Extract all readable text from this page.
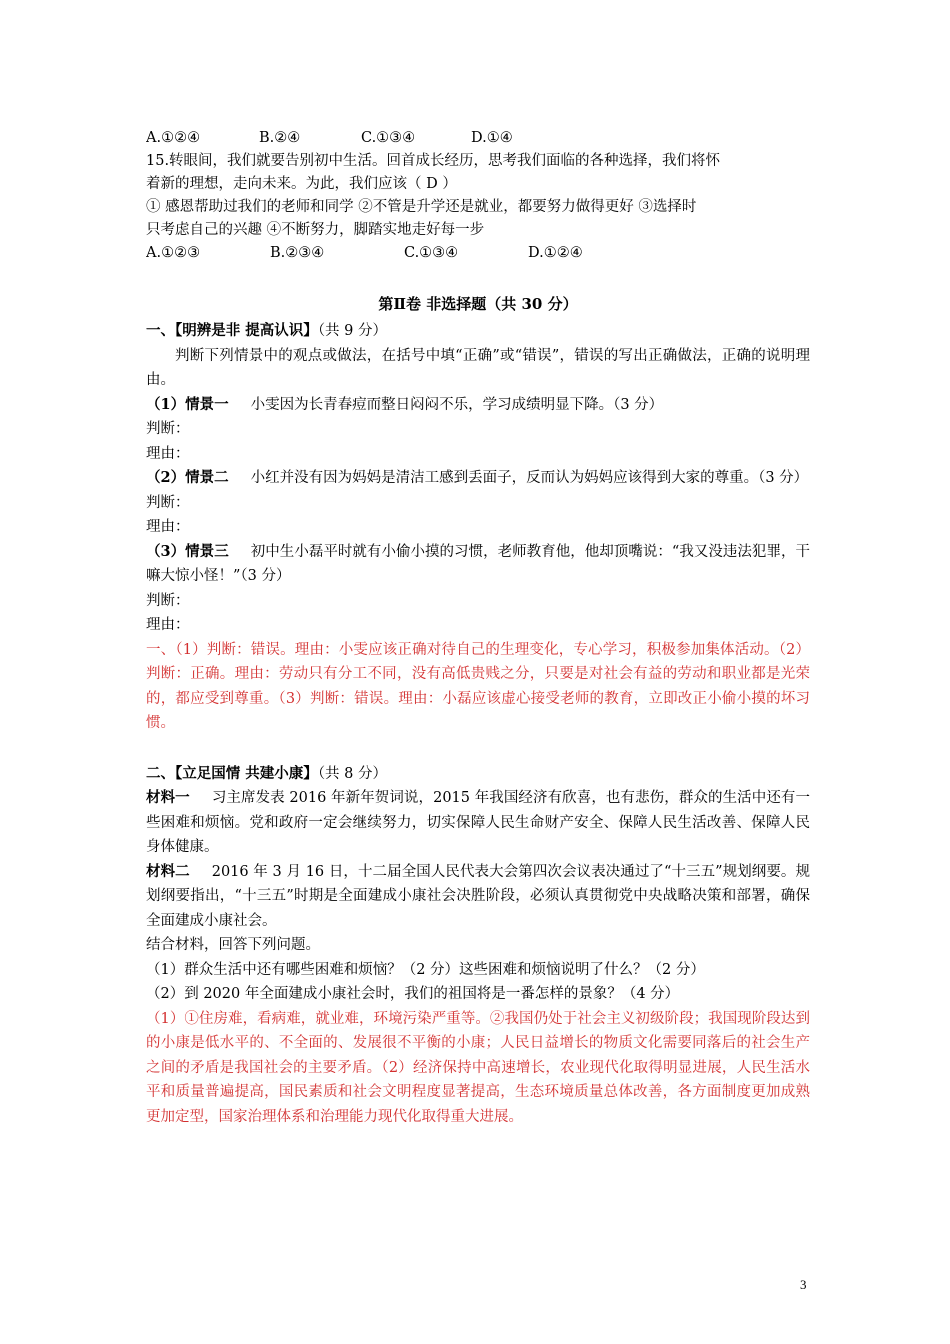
A.①②④	B.②④	C.①③④	D.①④
15.转眼间，我们就要告别初中生活。回首成长经历，思考我们面临的各种选择，我们将怀
着新的理想，走向未来。为此，我们应该（ D ）
① 感恩帮助过我们的老师和同学 ②不管是升学还是就业，都要努力做得更好 ③选择时
只考虑自己的兴趣 ④不断努力，脚踏实地走好每一步
A.①②③	B.②③④	C.①③④	D.①②④
第Ⅱ卷 非选择题（共 30 分）
一、【明辨是非 提高认识】（共 9 分）
判断下列情景中的观点或做法，在括号中填“正确”或“错误”，错误的写出正确做法，正确的说明理由。
（1）情景一 小雯因为长青春痘而整日闷闷不乐，学习成绩明显下降。（3 分）
判断：
理由：
（2）情景二 小红并没有因为妈妈是清洁工感到丢面子，反而认为妈妈应该得到大家的尊重。（3 分）
判断：
理由：
（3）情景三 初中生小磊平时就有小偷小摸的习惯，老师教育他，他却顶嘴说：“我又没违法犯罪，干嘛大惊小怪！”（3 分）
判断：
理由：
一、（1）判断：错误。理由：小雯应该正确对待自己的生理变化，专心学习，积极参加集体活动。（2）判断：正确。理由：劳动只有分工不同，没有高低贵贱之分，只要是对社会有益的劳动和职业都是光荣的，都应受到尊重。（3）判断：错误。理由：小磊应该虚心接受老师的教育，立即改正小偷小摸的坏习惯。
二、【立足国情 共建小康】（共 8 分）
材料一 习主席发表 2016 年新年贺词说，2015 年我国经济有欣喜，也有悲伤，群众的生活中还有一些困难和烦恼。党和政府一定会继续努力，切实保障人民生命财产安全、保障人民生活改善、保障人民身体健康。
材料二 2016 年 3 月 16 日，十二届全国人民代表大会第四次会议表决通过了“十三五”规划纲要。规划纲要指出，“十三五”时期是全面建成小康社会决胜阶段，必须认真贯彻党中央战略决策和部署，确保全面建成小康社会。
结合材料，回答下列问题。
（1）群众生活中还有哪些困难和烦恼？（2 分）这些困难和烦恼说明了什么？（2 分）
（2）到 2020 年全面建成小康社会时，我们的祖国将是一番怎样的景象？（4 分）
（1）①住房难，看病难，就业难，环境污染严重等。②我国仍处于社会主义初级阶段；我国现阶段达到的小康是低水平的、不全面的、发展很不平衡的小康；人民日益增长的物质文化需要同落后的社会生产之间的矛盾是我国社会的主要矛盾。（2）经济保持中高速增长，农业现代化取得明显进展，人民生活水平和质量普遍提高，国民素质和社会文明程度显著提高，生态环境质量总体改善，各方面制度更加成熟更加定型，国家治理体系和治理能力现代化取得重大进展。
3
